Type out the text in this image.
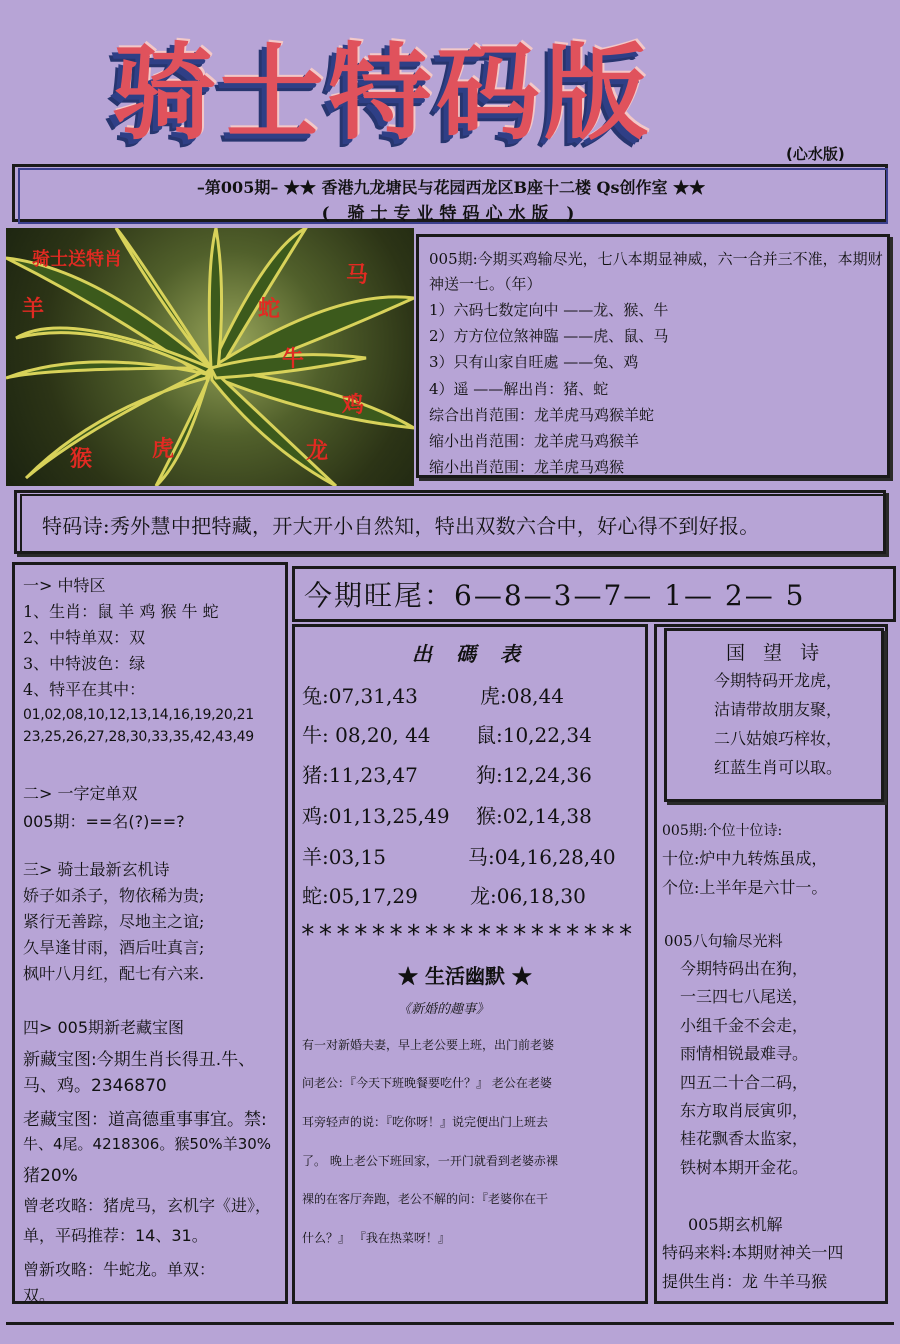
骑士特码版	(心水版)
–第005期– ★★ 香港九龙塘民与花园西龙区B座十二楼 Qs创作室 ★★
( 骑士专业特码心水版 )
骑士送特肖
羊
马
蛇
牛
鸡
猴	虎	龙
005期:今期买鸡输尽光，七八本期显神威，六一合并三不准，本期财神送一七。（年）
1）六码七数定向中 ——龙、猴、牛
2）方方位位煞神臨 ——虎、鼠、马
3）只有山家自旺處 ——兔、鸡
4）遥 ——解出肖：猪、蛇
综合出肖范围：龙羊虎马鸡猴羊蛇
缩小出肖范围：龙羊虎马鸡猴羊
缩小出肖范围：龙羊虎马鸡猴
特码诗:秀外慧中把特藏，开大开小自然知，特出双数六合中，好心得不到好报。
一> 中特区
1、生肖：鼠 羊 鸡 猴 牛 蛇
2、中特单双：双
3、中特波色：绿
4、特平在其中：
01,02,08,10,12,13,14,16,19,20,21
23,25,26,27,28,30,33,35,42,43,49
二> 一字定单双
005期：==名(?)==?
三> 骑士最新玄机诗
娇子如杀子，物依稀为贵;
紧行无善踪，尽地主之谊;
久旱逢甘雨，酒后吐真言;
枫叶八月红，配七有六来.
四> 005期新老藏宝图
新藏宝图:今期生肖长得丑.牛、
马、鸡。2346870
老藏宝图：道高德重事事宜。禁:
牛、4尾。4218306。猴50%羊30%
猪20%
曾老攻略：猪虎马，玄机字《进》，
单，平码推荐：14、31。
曾新攻略：牛蛇龙。单双：
双。
今期旺尾：6—8—3—7— 1— 2— 5
出碼表
兔:07,31,43	虎:08,44
牛: 08,20, 44 鼠:10,22,34
猪:11,23,47	狗:12,24,36
鸡:01,13,25,49 猴:02,14,38
羊:03,15	马:04,16,28,40
蛇:05,17,29	龙:06,18,30
*******************
★ 生活幽默 ★
《新婚的趣事》
有一对新婚夫妻，早上老公要上班，出门前老婆
问老公：『今天下班晚餐要吃什？』 老公在老婆
耳旁轻声的说：『吃你呀！』说完便出门上班去
了。 晚上老公下班回家，一开门就看到老婆赤裸
裸的在客厅奔跑，老公不解的问：『老婆你在干
什么？』 『我在热菜呀！』
国 望 诗
今期特码开龙虎，
沽请带故朋友聚，
二八姑娘巧梓妆，
红蓝生肖可以取。
005期:个位十位诗:
十位:炉中九转炼虽成，
个位:上半年是六廿一。
005八句输尽光料
今期特码出在狗，
一三四七八尾送，
小组千金不会走，
雨情相锐最难寻。
四五二十合二码，
东方取肖辰寅卯，
桂花飘香太监家，
铁树本期开金花。
005期玄机解
特码来料:本期财神关一四
提供生肖：龙 牛羊马猴
